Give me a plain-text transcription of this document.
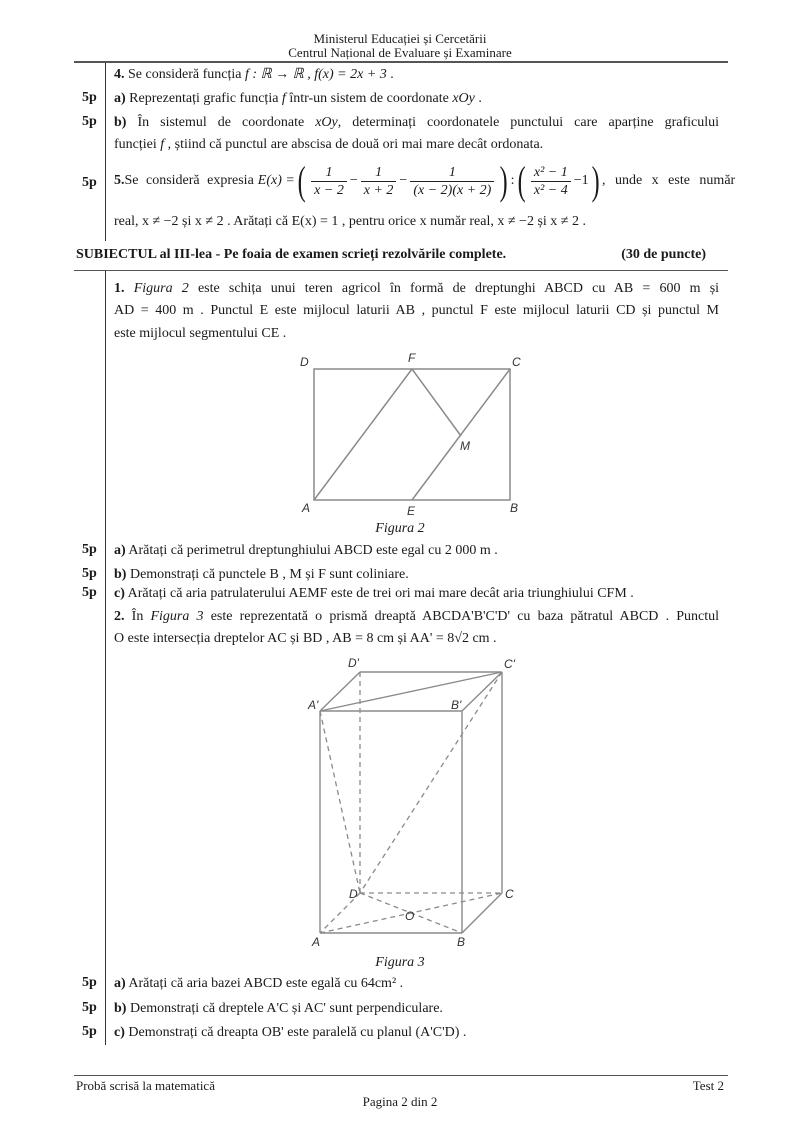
Ministerul Educației și Cercetării
Centrul Național de Evaluare și Examinare
4. Se consideră funcția f : ℝ → ℝ , f(x) = 2x + 3 .
5p	a) Reprezentați grafic funcția f într-un sistem de coordonate xOy .
5p	b) În sistemul de coordonate xOy, determinați coordonatele punctului care aparține graficului
funcției f , știind că punctul are abscisa de două ori mai mare decât ordonata.
5p	5. Se consideră expresia E(x) = ( $\frac{1}{x - 2} - \frac{1}{x + 2} - \frac{1}{(x - 2)(x + 2)}$ ) : ( $\frac{\text{x² − 1}}{\text{x² − 4}} -1$ ) , unde x este număr
real, x ≠ −2 și x ≠ 2 . Arătați că E(x) = 1 , pentru orice x număr real, x ≠ −2 și x ≠ 2 .
SUBIECTUL al III-lea - Pe foaia de examen scrieți rezolvările complete.	(30 de puncte)
1. Figura 2 este schița unui teren agricol în formă de dreptunghi ABCD cu AB = 600 m și
AD = 400 m . Punctul E este mijlocul laturii AB , punctul F este mijlocul laturii CD și punctul M
este mijlocul segmentului CE .
D	F	C
M
A	E	B
Figura 2
5p	a) Arătați că perimetrul dreptunghiului ABCD este egal cu 2 000 m .
5p	b) Demonstrați că punctele B , M și F sunt coliniare.
5p	c) Arătați că aria patrulaterului AEMF este de trei ori mai mare decât aria triunghiului CFM .
2. În Figura 3 este reprezentată o prismă dreaptă ABCDA'B'C'D' cu baza pătratul ABCD . Punctul
O este intersecția dreptelor AC și BD , AB = 8 cm și AA' = 8√2 cm .
D'	C'
A'	B'
D	C
O
A	B
Figura 3
5p	a) Arătați că aria bazei ABCD este egală cu 64cm² .
5p	b) Demonstrați că dreptele A'C și AC' sunt perpendiculare.
5p	c) Demonstrați că dreapta OB' este paralelă cu planul (A'C'D) .
Probă scrisă la matematică	Test 2
Pagina 2 din 2
